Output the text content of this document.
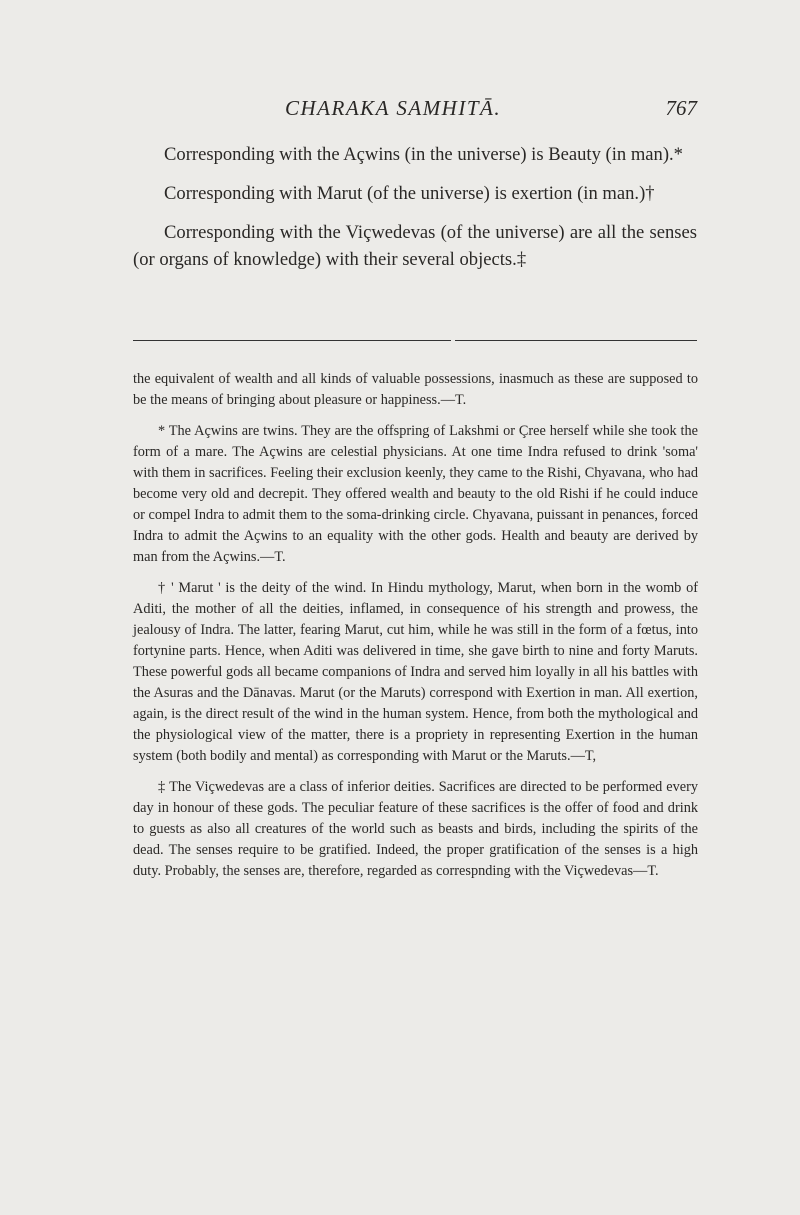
CHARAKA SAMHITĀ.	767

Corresponding with the Açwins (in the universe) is Beauty (in man).*

Corresponding with Marut (of the universe) is exertion (in man.)†

Corresponding with the Viçwedevas (of the universe) are all the senses (or organs of knowledge) with their several objects.‡

the equivalent of wealth and all kinds of valuable possessions, inasmuch as these are supposed to be the means of bringing about pleasure or happiness.—T.

* The Açwins are twins. They are the offspring of Lakshmi or Çree herself while she took the form of a mare. The Açwins are celestial physicians. At one time Indra refused to drink 'soma' with them in sacrifices. Feeling their exclusion keenly, they came to the Rishi, Chyavana, who had become very old and decrepit. They offered wealth and beauty to the old Rishi if he could induce or compel Indra to admit them to the soma-drinking circle. Chyavana, puissant in penances, forced Indra to admit the Açwins to an equality with the other gods. Health and beauty are derived by man from the Açwins.—T.

† ' Marut ' is the deity of the wind. In Hindu mythology, Marut, when born in the womb of Aditi, the mother of all the deities, inflamed, in consequence of his strength and prowess, the jealousy of Indra. The latter, fearing Marut, cut him, while he was still in the form of a fœtus, into fortynine parts. Hence, when Aditi was delivered in time, she gave birth to nine and forty Maruts. These powerful gods all became companions of Indra and served him loyally in all his battles with the Asuras and the Dānavas. Marut (or the Maruts) correspond with Exertion in man. All exertion, again, is the direct result of the wind in the human system. Hence, from both the mythological and the physiological view of the matter, there is a propriety in representing Exertion in the human system (both bodily and mental) as corresponding with Marut or the Maruts.—T,

‡ The Viçwedevas are a class of inferior deities. Sacrifices are directed to be performed every day in honour of these gods. The peculiar feature of these sacrifices is the offer of food and drink to guests as also all creatures of the world such as beasts and birds, including the spirits of the dead. The senses require to be gratified. Indeed, the proper gratification of the senses is a high duty. Probably, the senses are, therefore, regarded as correspnding with the Viçwedevas—T.
